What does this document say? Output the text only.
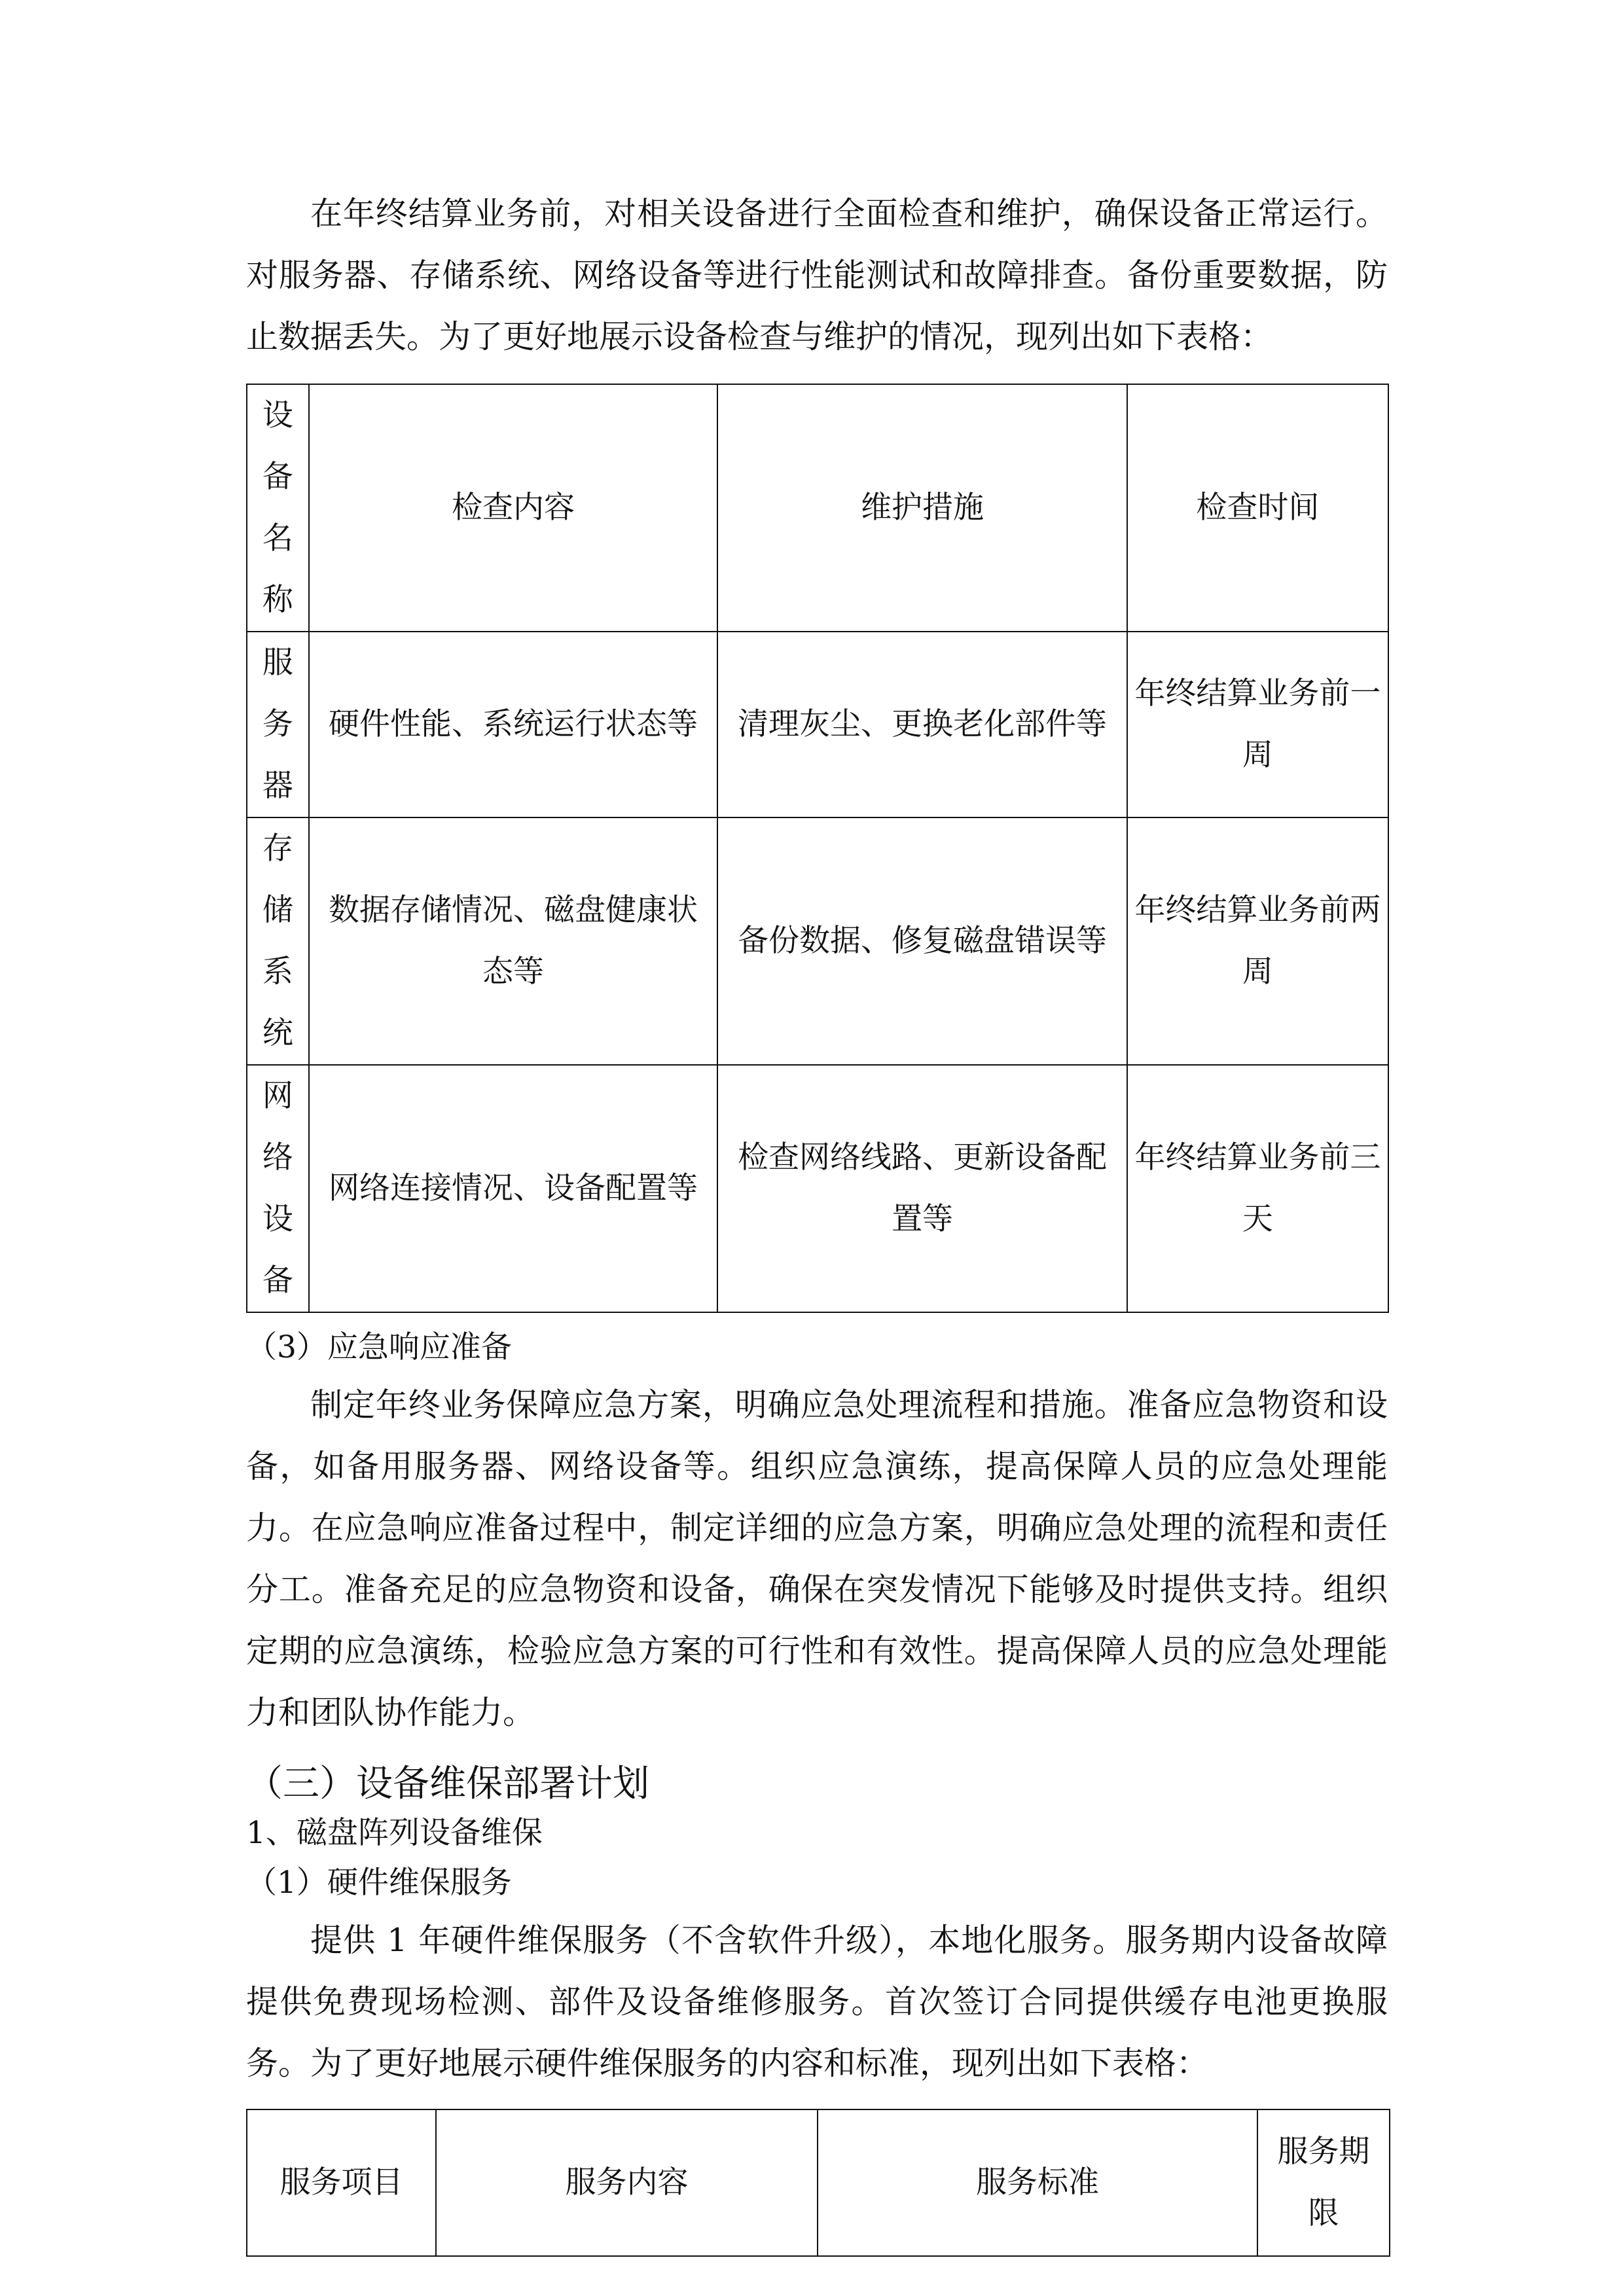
在年终结算业务前，对相关设备进行全面检查和维护，确保设备正常运行。对服务器、存储系统、网络设备等进行性能测试和故障排查。备份重要数据，防止数据丢失。为了更好地展示设备检查与维护的情况，现列出如下表格：

设备名称	检查内容	维护措施	检查时间
服务器	硬件性能、系统运行状态等	清理灰尘、更换老化部件等	年终结算业务前一周
存储系统	数据存储情况、磁盘健康状态等	备份数据、修复磁盘错误等	年终结算业务前两周
网络设备	网络连接情况、设备配置等	检查网络线路、更新设备配置等	年终结算业务前三天

（3）应急响应准备

制定年终业务保障应急方案，明确应急处理流程和措施。准备应急物资和设备，如备用服务器、网络设备等。组织应急演练，提高保障人员的应急处理能力。在应急响应准备过程中，制定详细的应急方案，明确应急处理的流程和责任分工。准备充足的应急物资和设备，确保在突发情况下能够及时提供支持。组织定期的应急演练，检验应急方案的可行性和有效性。提高保障人员的应急处理能力和团队协作能力。

（三）设备维保部署计划

1、磁盘阵列设备维保

（1）硬件维保服务

提供 1 年硬件维保服务（不含软件升级），本地化服务。服务期内设备故障提供免费现场检测、部件及设备维修服务。首次签订合同提供缓存电池更换服务。为了更好地展示硬件维保服务的内容和标准，现列出如下表格：

服务项目	服务内容	服务标准	服务期限
